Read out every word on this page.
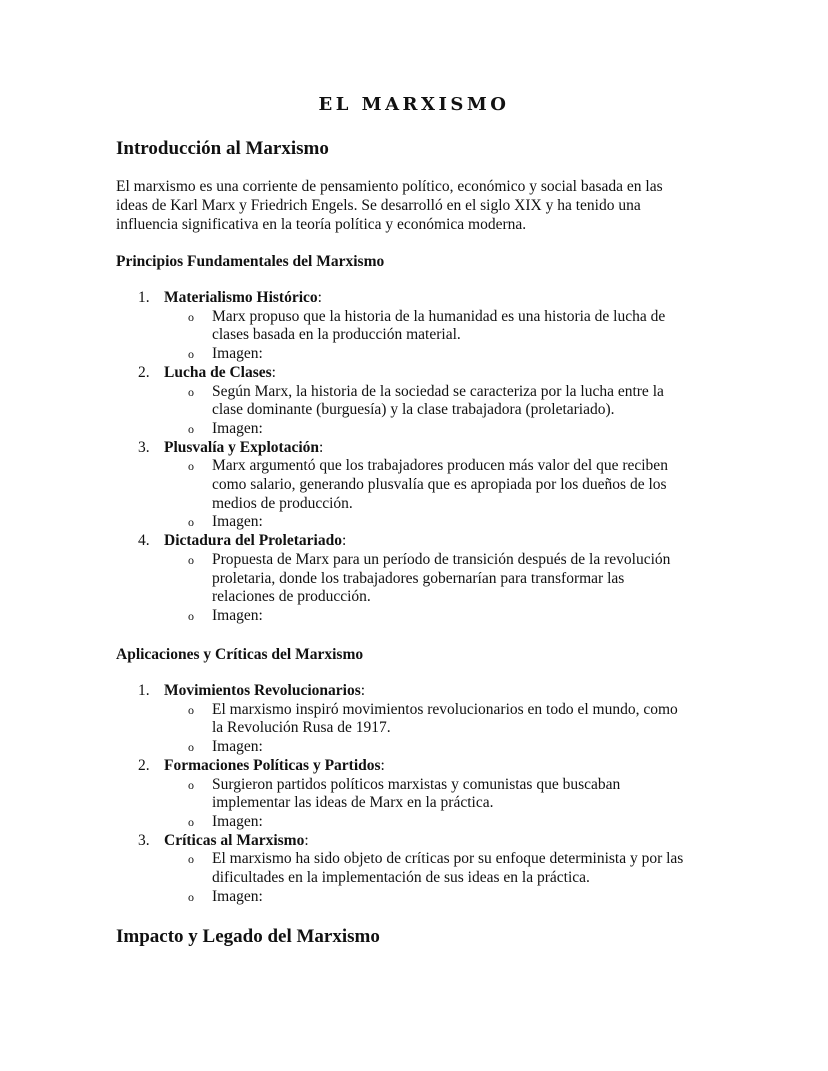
EL MARXISMO
Introducción al Marxismo
El marxismo es una corriente de pensamiento político, económico y social basada en las
ideas de Karl Marx y Friedrich Engels. Se desarrolló en el siglo XIX y ha tenido una
influencia significativa en la teoría política y económica moderna.
Principios Fundamentales del Marxismo
1. Materialismo Histórico:
o Marx propuso que la historia de la humanidad es una historia de lucha de
clases basada en la producción material.
o Imagen:
2. Lucha de Clases:
o Según Marx, la historia de la sociedad se caracteriza por la lucha entre la
clase dominante (burguesía) y la clase trabajadora (proletariado).
o Imagen:
3. Plusvalía y Explotación:
o Marx argumentó que los trabajadores producen más valor del que reciben
como salario, generando plusvalía que es apropiada por los dueños de los
medios de producción.
o Imagen:
4. Dictadura del Proletariado:
o Propuesta de Marx para un período de transición después de la revolución
proletaria, donde los trabajadores gobernarían para transformar las
relaciones de producción.
o Imagen:
Aplicaciones y Críticas del Marxismo
1. Movimientos Revolucionarios:
o El marxismo inspiró movimientos revolucionarios en todo el mundo, como
la Revolución Rusa de 1917.
o Imagen:
2. Formaciones Políticas y Partidos:
o Surgieron partidos políticos marxistas y comunistas que buscaban
implementar las ideas de Marx en la práctica.
o Imagen:
3. Críticas al Marxismo:
o El marxismo ha sido objeto de críticas por su enfoque determinista y por las
dificultades en la implementación de sus ideas en la práctica.
o Imagen:
Impacto y Legado del Marxismo
